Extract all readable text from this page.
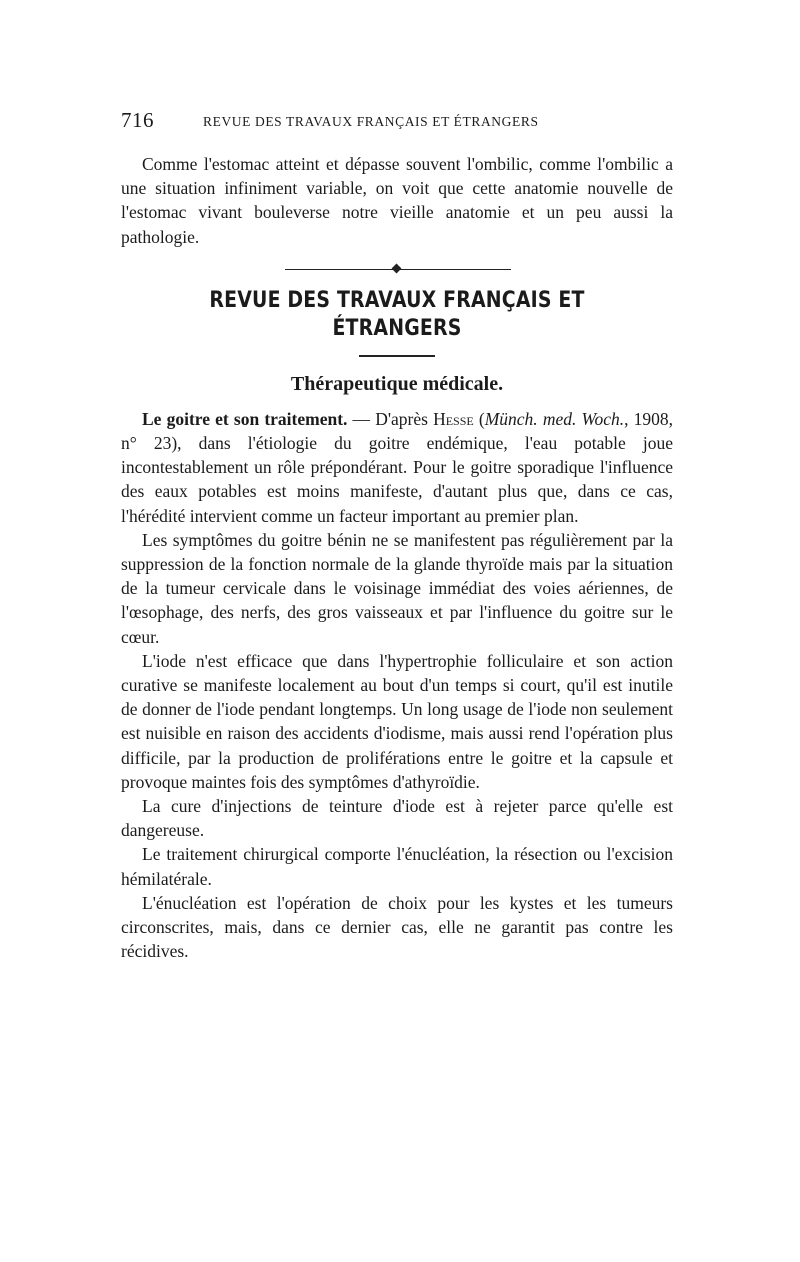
716	REVUE DES TRAVAUX FRANÇAIS ET ÉTRANGERS

Comme l'estomac atteint et dépasse souvent l'ombilic, comme l'ombilic a une situation infiniment variable, on voit que cette anatomie nouvelle de l'estomac vivant bouleverse notre vieille anatomie et un peu aussi la pathologie.

REVUE DES TRAVAUX FRANÇAIS ET ÉTRANGERS
Thérapeutique médicale.

Le goitre et son traitement. — D'après Hesse (Münch. med. Woch., 1908, n° 23), dans l'étiologie du goitre endémique, l'eau potable joue incontestablement un rôle prépondérant. Pour le goitre sporadique l'influence des eaux potables est moins manifeste, d'autant plus que, dans ce cas, l'hérédité intervient comme un facteur important au premier plan.

Les symptômes du goitre bénin ne se manifestent pas régulièrement par la suppression de la fonction normale de la glande thyroïde mais par la situation de la tumeur cervicale dans le voisinage immédiat des voies aériennes, de l'œsophage, des nerfs, des gros vaisseaux et par l'influence du goitre sur le cœur.

L'iode n'est efficace que dans l'hypertrophie folliculaire et son action curative se manifeste localement au bout d'un temps si court, qu'il est inutile de donner de l'iode pendant longtemps. Un long usage de l'iode non seulement est nuisible en raison des accidents d'iodisme, mais aussi rend l'opération plus difficile, par la production de proliférations entre le goitre et la capsule et provoque maintes fois des symptômes d'athyroïdie.

La cure d'injections de teinture d'iode est à rejeter parce qu'elle est dangereuse.

Le traitement chirurgical comporte l'énucléation, la résection ou l'excision hémilatérale.

L'énucléation est l'opération de choix pour les kystes et les tumeurs circonscrites, mais, dans ce dernier cas, elle ne garantit pas contre les récidives.
